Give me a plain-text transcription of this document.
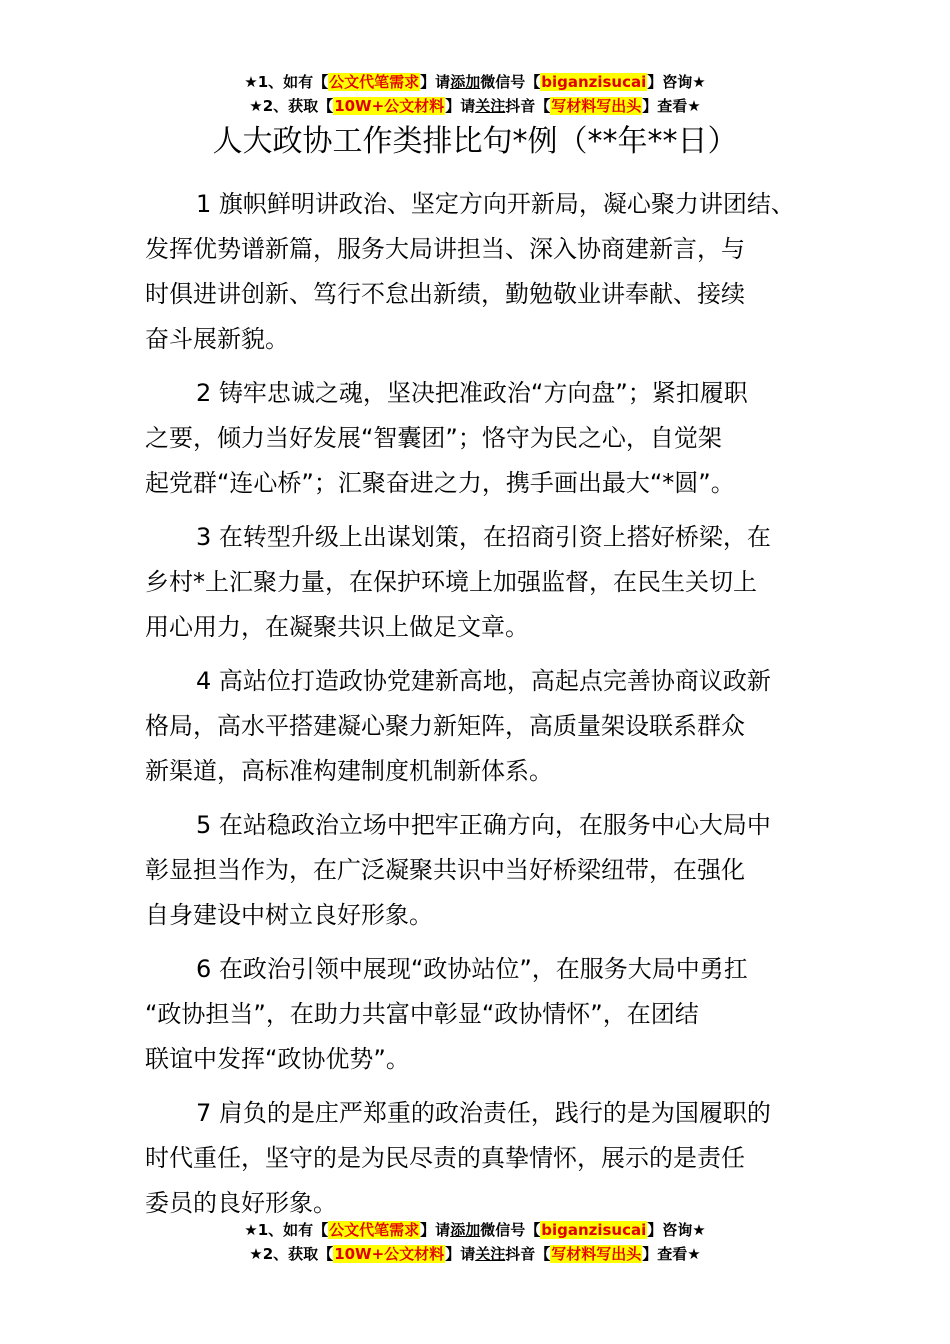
★1、如有【公文代笔需求】请添加微信号【biganzisucai】咨询★
★2、获取【10W+公文材料】请关注抖音【写材料写出头】查看★
人大政协工作类排比句*例（**年**日）

1 旗帜鲜明讲政治、坚定方向开新局，凝心聚力讲团结、
发挥优势谱新篇，服务大局讲担当、深入协商建新言，与
时俱进讲创新、笃行不怠出新绩，勤勉敬业讲奉献、接续
奋斗展新貌。

2 铸牢忠诚之魂，坚决把准政治“方向盘”；紧扣履职
之要，倾力当好发展“智囊团”；恪守为民之心，自觉架
起党群“连心桥”；汇聚奋进之力，携手画出最大“*圆”。

3 在转型升级上出谋划策，在招商引资上搭好桥梁，在
乡村*上汇聚力量，在保护环境上加强监督，在民生关切上
用心用力，在凝聚共识上做足文章。

4 高站位打造政协党建新高地，高起点完善协商议政新
格局，高水平搭建凝心聚力新矩阵，高质量架设联系群众
新渠道，高标准构建制度机制新体系。

5 在站稳政治立场中把牢正确方向，在服务中心大局中
彰显担当作为，在广泛凝聚共识中当好桥梁纽带，在强化
自身建设中树立良好形象。

6 在政治引领中展现“政协站位”，在服务大局中勇扛
“政协担当”，在助力共富中彰显“政协情怀”，在团结
联谊中发挥“政协优势”。

7 肩负的是庄严郑重的政治责任，践行的是为国履职的
时代重任，坚守的是为民尽责的真挚情怀，展示的是责任
委员的良好形象。

★1、如有【公文代笔需求】请添加微信号【biganzisucai】咨询★
★2、获取【10W+公文材料】请关注抖音【写材料写出头】查看★
